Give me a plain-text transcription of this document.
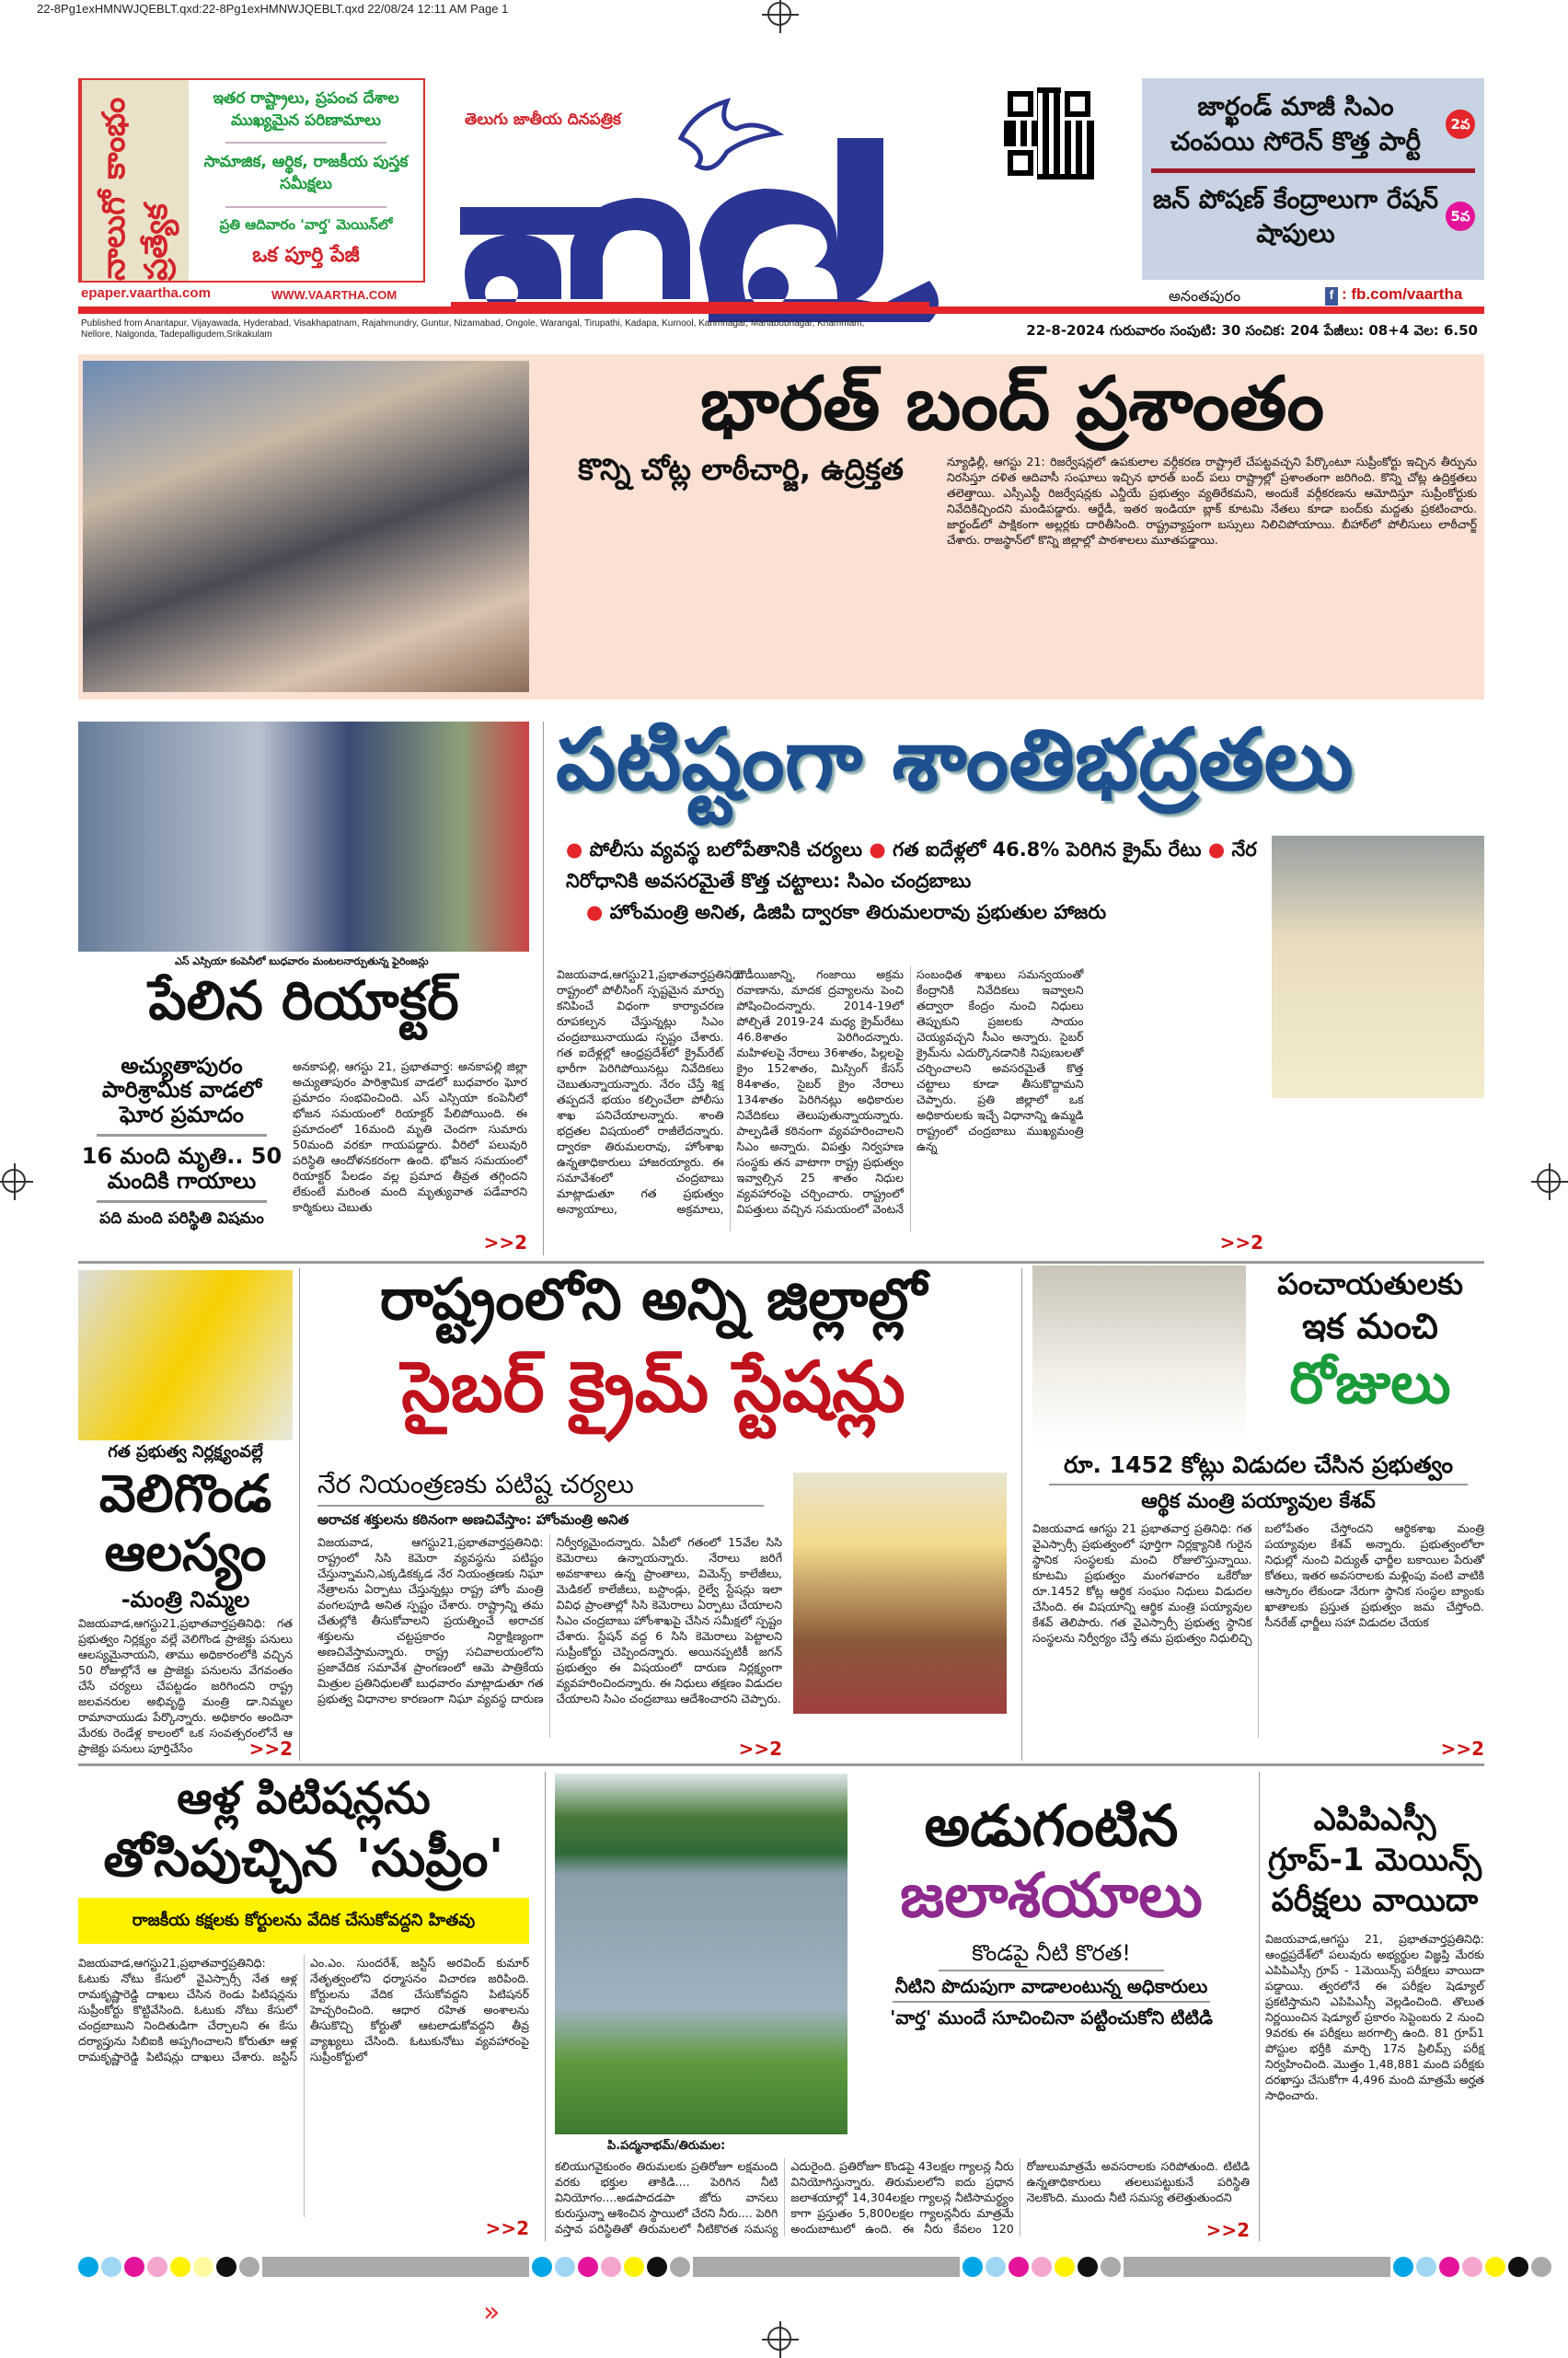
22-8Pg1exHMNWJQEBLT.qxd:22-8Pg1exHMNWJQEBLT.qxd 22/08/24 12:11 AM Page 1
నాలుగో కాంభం ప్రత్యేక
ఇతర రాష్ట్రాలు, ప్రపంచ దేశాల ముఖ్యమైన పరిణామాలు
సామాజిక, ఆర్థిక, రాజకీయ పుస్తక సమీక్షలు
ప్రతి ఆదివారం 'వార్త' మెయిన్‌లో
ఒక పూర్తి పేజీ
epaper.vaartha.com	WWW.VAARTHA.COM
తెలుగు జాతీయ దినపత్రిక	జార్ఖండ్ మాజీ సిఎం చంపయి సోరెన్ కొత్త పార్టీ
2వ
జన్ పోషణ్ కేంద్రాలుగా రేషన్ షాపులు
5వ
అనంతపురం	f : fb.com/vaartha
Published from Anantapur, Vijayawada, Hyderabad, Visakhapatnam, Rajahmundry, Guntur, Nizamabad, Ongole, Warangal, Tirupathi, Kadapa, Kurnool, Karimnagar, Mahabubnagar, Khammam, Nellore, Nalgonda, Tadepalligudem,Srikakulam	22-8-2024 గురువారం సంపుటి: 30 సంచిక: 204 పేజీలు: 08+4 వెల: 6.50
భారత్ బంద్ ప్రశాంతం
కొన్ని చోట్ల లాఠీచార్జి, ఉద్రిక్తత	న్యూఢిల్లీ, ఆగస్టు 21: రిజర్వేషన్లలో ఉపకులాల వర్గీకరణ రాష్ట్రాలే చేపట్టవచ్చని పేర్కొంటూ సుప్రీంకోర్టు ఇచ్చిన తీర్పును నిరసిస్తూ దళిత ఆదివాసీ సంఘాలు ఇచ్చిన భారత్ బంద్ పలు రాష్ట్రాల్లో ప్రశాంతంగా జరిగింది. కొన్ని చోట్ల ఉద్రిక్తతలు తలెత్తాయి. ఎస్సీఎస్టీ రిజర్వేషన్లకు ఎన్డీయే ప్రభుత్వం వ్యతిరేకమని, అందుకే వర్గీకరణను ఆమోదిస్తూ సుప్రీంకోర్టుకు నివేదికిచ్చిందని మండిపడ్డారు. ఆర్జేడీ, ఇతర ఇండియా బ్లాక్ కూటమి నేతలు కూడా బంద్‌కు మద్దతు ప్రకటించారు. జార్ఖండ్‌లో పాక్షికంగా అల్లర్లకు దారితీసింది. రాష్ట్రవ్యాప్తంగా బస్సులు నిలిచిపోయాయి. బీహార్‌లో పోలీసులు లాఠీచార్జ్ చేశారు. రాజస్థాన్‌లో కొన్ని జిల్లాల్లో పాఠశాలలు మూతపడ్డాయి.
ఎస్ ఎస్సియా కంపెనీలో బుధవారం మంటలనార్పుతున్న ఫైరింజన్లు
పేలిన రియాక్టర్
అచ్యుతాపురం పారిశ్రామిక వాడలో ఘోర ప్రమాదం
16 మంది మృతి.. 50 మందికి గాయాలు
పది మంది పరిస్థితి విషమం
అనకాపల్లి, ఆగస్టు 21, ప్రభాతవార్త: అనకాపల్లి జిల్లా అచ్యుతాపురం పారిశ్రామిక వాడలో బుధవారం ఘోర ప్రమాదం సంభవించింది. ఎస్ ఎస్సియా కంపెనీలో భోజన సమయంలో రియాక్టర్ పేలిపోయింది. ఈ ప్రమాదంలో 16మంది మృతి చెందగా సుమారు 50మంది వరకూ గాయపడ్డారు. వీరిలో పలువురి పరిస్థితి ఆందోళనకరంగా ఉంది. భోజన సమయంలో రియాక్టర్ పేలడం వల్ల ప్రమాద తీవ్రత తగ్గిందని లేకుంటే మరింత మంది మృత్యువాత పడేవారని కార్మికులు చెబుతు
>>2
పటిష్టంగా శాంతిభద్రతలు
● పోలీసు వ్యవస్థ బలోపేతానికి చర్యలు ● గత ఐదేళ్లలో 46.8% పెరిగిన క్రైమ్ రేటు ● నేర నిరోధానికి అవసరమైతే కొత్త చట్టాలు: సిఎం చంద్రబాబు
● హోంమంత్రి అనిత, డిజిపి ద్వారకా తిరుమలరావు ప్రభుతుల హాజరు
విజయవాడ,ఆగస్టు21,ప్రభాతవార్తప్రతినిధి: రాష్ట్రంలో పోలీసింగ్ స్పష్టమైన మార్పు కనిపించే విధంగా కార్యాచరణ రూపకల్పన చేస్తున్నట్లు సిఎం చంద్రబాబునాయుడు స్పష్టం చేశారు. గత ఐదేళ్లల్లో ఆంధ్రప్రదేశ్‌లో క్రైమ్‌రేట్ భారీగా పెరిగిపోయినట్లు నివేదికలు చెబుతున్నాయన్నారు. నేరం చేస్తే శిక్ష తప్పదనే భయం కల్పించేలా పోలీసు శాఖ పనిచేయాలన్నారు. శాంతి భద్రతల విషయంలో రాజీలేదన్నారు. ద్వారకా తిరుమలరావు, హోంశాఖ ఉన్నతాధికారులు హాజరయ్యారు. ఈ సమావేశంలో చంద్రబాబు మాట్లాడుతూ గత ప్రభుత్వం అన్యాయాలు, అక్రమాలు, రౌడీయిజాన్ని, గంజాయి అక్రమ రవాణాను, మాదక ద్రవ్యాలను పెంచి పోషించిందన్నారు. 2014-19లో పోల్చితే 2019-24 మధ్య క్రైమ్‌రేటు 46.8శాతం పెరిగిందన్నారు. మహిళలపై నేరాలు 36శాతం, పిల్లలపై క్రైం 152శాతం, మిస్సింగ్ కేసస్ 84శాతం, సైబర్ క్రైం నేరాలు 134శాతం పెరిగినట్లు అధికారుల నివేదికలు తెలుపుతున్నాయన్నారు. పాల్పడితే కఠినంగా వ్యవహరించాలని సిఎం అన్నారు. విపత్తు నిర్వహణ సంస్థకు తన వాటాగా రాష్ట్ర ప్రభుత్వం ఇవ్వాల్సిన 25 శాతం నిధుల వ్యవహారంపై చర్చించారు. రాష్ట్రంలో విపత్తులు వచ్చిన సమయంలో వెంటనే సంబంధిత శాఖలు సమన్వయంతో కేంద్రానికి నివేదికలు ఇవ్వాలని తద్వారా కేంద్రం నుంచి నిధులు తెప్పుకుని ప్రజలకు సాయం చెయ్యవచ్చని సీఎం అన్నారు. సైబర్ క్రైమ్‌ను ఎదుర్కొనడానికి నిపుణులతో చర్చించాలని అవసరమైతే కొత్త చట్టాలు కూడా తీసుకొద్దామని చెప్పారు. ప్రతి జిల్లాలో ఒక అధికారులకు ఇచ్చే విధానాన్ని ఉమ్మడి రాష్ట్రంలో చంద్రబాబు ముఖ్యమంత్రి ఉన్న
>>2
గత ప్రభుత్వ నిర్లక్ష్యంవల్లే
వెలిగొండ ఆలస్యం
-మంత్రి నిమ్మల
విజయవాడ,ఆగస్టు21,ప్రభాతవార్తప్రతినిధి: గత ప్రభుత్వం నిర్లక్ష్యం వల్లే వెలిగొండ ప్రాజెక్టు పనులు ఆలస్యమైనాయని, తాము అధికారంలోకి వచ్చిన 50 రోజుల్లోనే ఆ ప్రాజెక్టు పనులను వేగవంతం చేసే చర్యలు చేపట్టడం జరిగిందని రాష్ట్ర జలవనరుల అభివృద్ధి మంత్రి డా.నిమ్మల రామానాయుడు పేర్కొన్నారు. అధికారం అందినా మేరకు రెండేళ్ల కాలంలో ఒక సంవత్సరంలోనే ఆ ప్రాజెక్టు పనులు పూర్తిచేసేం	>>2
రాష్ట్రంలోని అన్ని జిల్లాల్లో
సైబర్ క్రైమ్ స్టేషన్లు
నేర నియంత్రణకు పటిష్ట చర్యలు
అరాచక శక్తులను కఠినంగా అణచివేస్తాం: హోంమంత్రి అనిత
విజయవాడ, ఆగస్టు21,ప్రభాతవార్తప్రతినిధి: రాష్ట్రంలో సిసి కెమెరా వ్యవస్థను పటిష్టం చేస్తున్నామని,ఎక్కడికక్కడ నేర నియంత్రణకు నిఘా నేత్రాలను ఏర్పాటు చేస్తున్నట్లు రాష్ట్ర హోం మంత్రి వంగలపూడి అనిత స్పష్టం చేశారు. రాష్ట్రాన్ని తమ చేతుల్లోకి తీసుకోవాలని ప్రయత్నించే అరాచక శక్తులను చట్టప్రకారం నిర్దాక్షిణ్యంగా అణచివేస్తామన్నారు. రాష్ట్ర సచివాలయంలోని ప్రజావేదిక సమావేశ ప్రాంగణంలో ఆమె పాత్రికేయ మిత్రుల ప్రతినిధులతో బుధవారం మాట్లాడుతూ గత ప్రభుత్వ విధానాల కారణంగా నిఘా వ్యవస్థ దారుణ నిర్వీర్యమైందన్నారు. ఏపీలో గతంలో 15వేల సిసి కెమెరాలు ఉన్నాయన్నారు. నేరాలు జరిగే అవకాశాలు ఉన్న ప్రాంతాలు, విమెన్స్ కాలేజీలు, మెడికల్ కాలేజీలు, బస్టాండ్లు, రైల్వే స్టేషన్లు ఇలా వివిధ ప్రాంతాల్లో సిసి కెమెరాలు ఏర్పాటు చేయాలని సిఎం చంద్రబాబు హోంశాఖపై చేసిన సమీక్షలో స్పష్టం చేశారు. స్టేషన్ వద్ద 6 సిసి కెమెరాలు పెట్టాలని సుప్రీంకోర్టు చెప్పిందన్నారు. అయినప్పటికీ జగన్ ప్రభుత్వం ఈ విషయంలో దారుణ నిర్లక్ష్యంగా వ్యవహరించిందన్నారు. ఈ నిధులు తక్షణం విడుదల చేయాలని సిఎం చంద్రబాబు ఆదేశించారని చెప్పారు.
>>2
పంచాయతులకు
ఇక మంచి
రోజులు
రూ. 1452 కోట్లు విడుదల చేసిన ప్రభుత్వం
ఆర్థిక మంత్రి పయ్యావుల కేశవ్
విజయవాడ ఆగస్టు 21 ప్రభాతవార్త ప్రతినిధి: గత వైఎస్సార్సీ ప్రభుత్వంలో పూర్తిగా నిర్లక్ష్యానికి గురైన స్థానిక సంస్థలకు మంచి రోజులొస్తున్నాయి. కూటమి ప్రభుత్వం మంగళవారం ఒకేరోజు రూ.1452 కోట్ల ఆర్థిక సంఘం నిధులు విడుదల చేసింది. ఈ విషయాన్ని ఆర్థిక మంత్రి పయ్యావుల కేశవ్ తెలిపారు. గత వైఎస్సార్సీ ప్రభుత్వ స్థానిక సంస్థలను నిర్వీర్యం చేస్తే తమ ప్రభుత్వం నిధులిచ్చి బలోపేతం చేస్తోందని ఆర్థికశాఖ మంత్రి పయ్యావుల కేశవ్ అన్నారు. ప్రభుత్వంలోలా నిధుల్లో నుంచి విద్యుత్ ఛార్జీల బకాయిల పేరుతో కోతలు, ఇతర అవసరాలకు మళ్లింపు వంటి వాటికి ఆస్కారం లేకుండా నేరుగా స్థానిక సంస్థల బ్యాంకు ఖాతాలకు ప్రస్తుత ప్రభుత్వం జమ చేస్తోంది. సీనరేజ్ ఛార్జీలు సహా విడుదల చేయక
>>2
ఆళ్ల పిటిషన్లను
తోసిపుచ్చిన 'సుప్రీం'
రాజకీయ కక్షలకు కోర్టులను వేదిక చేసుకోవద్దని హితవు
విజయవాడ,ఆగస్టు21,ప్రభాతవార్తప్రతినిధి: ఓటుకు నోటు కేసులో వైఎస్సార్సీ నేత ఆళ్ల రామకృష్ణారెడ్డి దాఖలు చేసిన రెండు పిటిషన్లను సుప్రీంకోర్టు కొట్టివేసింది. ఓటుకు నోటు కేసులో చంద్రబాబుని నిందితుడిగా చేర్చాలని ఈ కేసు దర్యాప్తును సిబిఐకి అప్పగించాలని కోరుతూ ఆళ్ల రామకృష్ణారెడ్డి పిటిషన్లు దాఖలు చేశారు. జస్టిస్ ఎం.ఎం. సుందరేశ్, జస్టిస్ అరవింద్ కుమార్ నేతృత్వంలోని ధర్మాసనం విచారణ జరిపింది. కోర్టులను వేదిక చేసుకోవద్దని పిటిషనర్ హెచ్చరించింది. ఆధార రహిత అంశాలను తీసుకొచ్చి కోర్టుతో ఆటలాడుకోవద్దని తీవ్ర వ్యాఖ్యలు చేసింది. ఓటుకునోటు వ్యవహారంపై సుప్రీంకోర్టులో
>>2
పి.పద్మనాభమ్/తిరుమల:
అడుగంటిన
జలాశయాలు
కొండపై నీటి కొరత!
నీటిని పొదుపుగా వాడాలంటున్న అధికారులు
'వార్త' ముందే సూచించినా పట్టించుకోని టిటిడి
కలియుగవైకుంఠం తిరుమలకు ప్రతిరోజూ లక్షమంది వరకు భక్తుల తాకిడి.... పెరిగిన నీటి వినియోగం....అడపాదడపా జోరు వానలు కురుస్తున్నా ఆశించిన స్థాయిలో చేరని నీరు.... పెరిగి వస్తావ పరిస్థితితో తిరుమలలో నీటికొరత సమస్య ఎదురైంది. ప్రతిరోజూ కొండపై 43లక్షల గ్యాలన్ల నీరు వినియోగిస్తున్నారు. తిరుమలలోని ఐదు ప్రధాన జలాశయాల్లో 14,304లక్షల గ్యాలన్ల నీటిసామర్థ్యం కాగా ప్రస్తుతం 5,800లక్షల గ్యాలన్లనీరు మాత్రమే అందుబాటులో ఉంది. ఈ నీరు కేవలం 120 రోజులుమాత్రమే అవసరాలకు సరిపోతుంది. టిటిడి ఉన్నతాధికారులు తలలుపట్టుకునే పరిస్థితి నెలకొంది. ముందు నీటి సమస్య తలెత్తుతుందని
>>2
ఎపిపిఎస్సీ
గ్రూప్-1 మెయిన్స్
పరీక్షలు వాయిదా
విజయవాడ,ఆగస్టు 21, ప్రభాతవార్తప్రతినిధి: ఆంధ్రప్రదేశ్‌లో పలువురు అభ్యర్థుల విజ్ఞప్తి మేరకు ఎపిపిఎస్సీ గ్రూప్ - 1మెయిన్స్ పరీక్షలు వాయిదా పడ్డాయి. త్వరలోనే ఈ పరీక్షల షెడ్యూల్ ప్రకటిస్తామని ఎపిపిఎస్సీ వెల్లడించింది. తొలుత నిర్ణయించిన షెడ్యూల్ ప్రకారం సెప్టెంబరు 2 నుంచి 9వరకు ఈ పరీక్షలు జరగాల్సి ఉంది. 81 గ్రూప్1 పోస్టుల భర్తీకి మార్చి 17న ప్రిలిమ్స్ పరీక్ష నిర్వహించింది. మొత్తం 1,48,881 మంది పరీక్షకు దరఖాస్తు చేసుకోగా 4,496 మంది మాత్రమే అర్హత సాధించారు.
»
